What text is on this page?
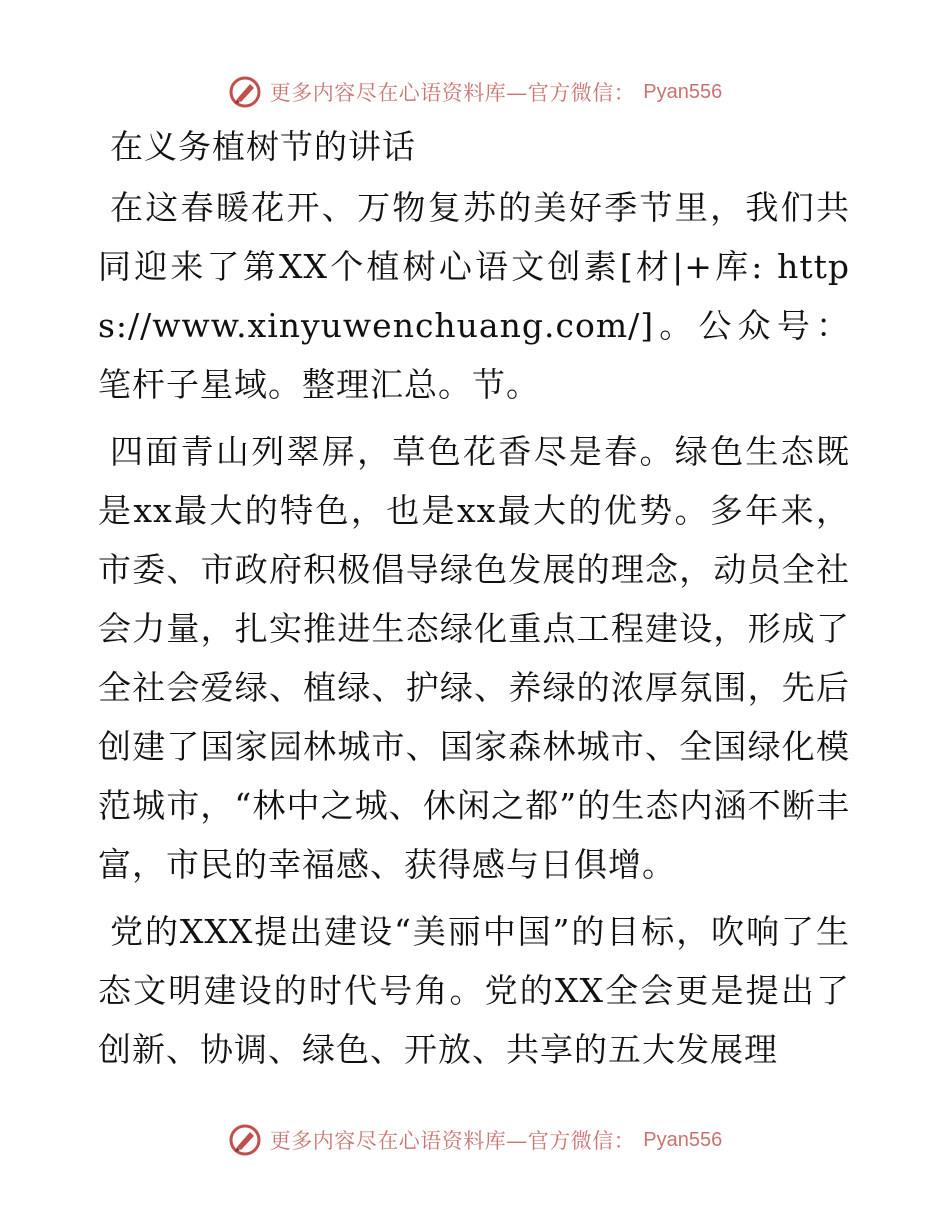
更多内容尽在心语资料库—官方微信： Pyan556
在义务植树节的讲话

在这春暖花开、万物复苏的美好季节里，我们共同迎来了第XX个植树心语文创素[材|+库: https://www.xinyuwenchuang.com/]。公众号：笔杆子星域。整理汇总。节。

四面青山列翠屏，草色花香尽是春。绿色生态既是xx最大的特色，也是xx最大的优势。多年来，市委、市政府积极倡导绿色发展的理念，动员全社会力量，扎实推进生态绿化重点工程建设，形成了全社会爱绿、植绿、护绿、养绿的浓厚氛围，先后创建了国家园林城市、国家森林城市、全国绿化模范城市，“林中之城、休闲之都”的生态内涵不断丰富，市民的幸福感、获得感与日俱增。

党的XXX提出建设“美丽中国”的目标，吹响了生态文明建设的时代号角。党的XX全会更是提出了创新、协调、绿色、开放、共享的五大发展理

更多内容尽在心语资料库—官方微信： Pyan556
